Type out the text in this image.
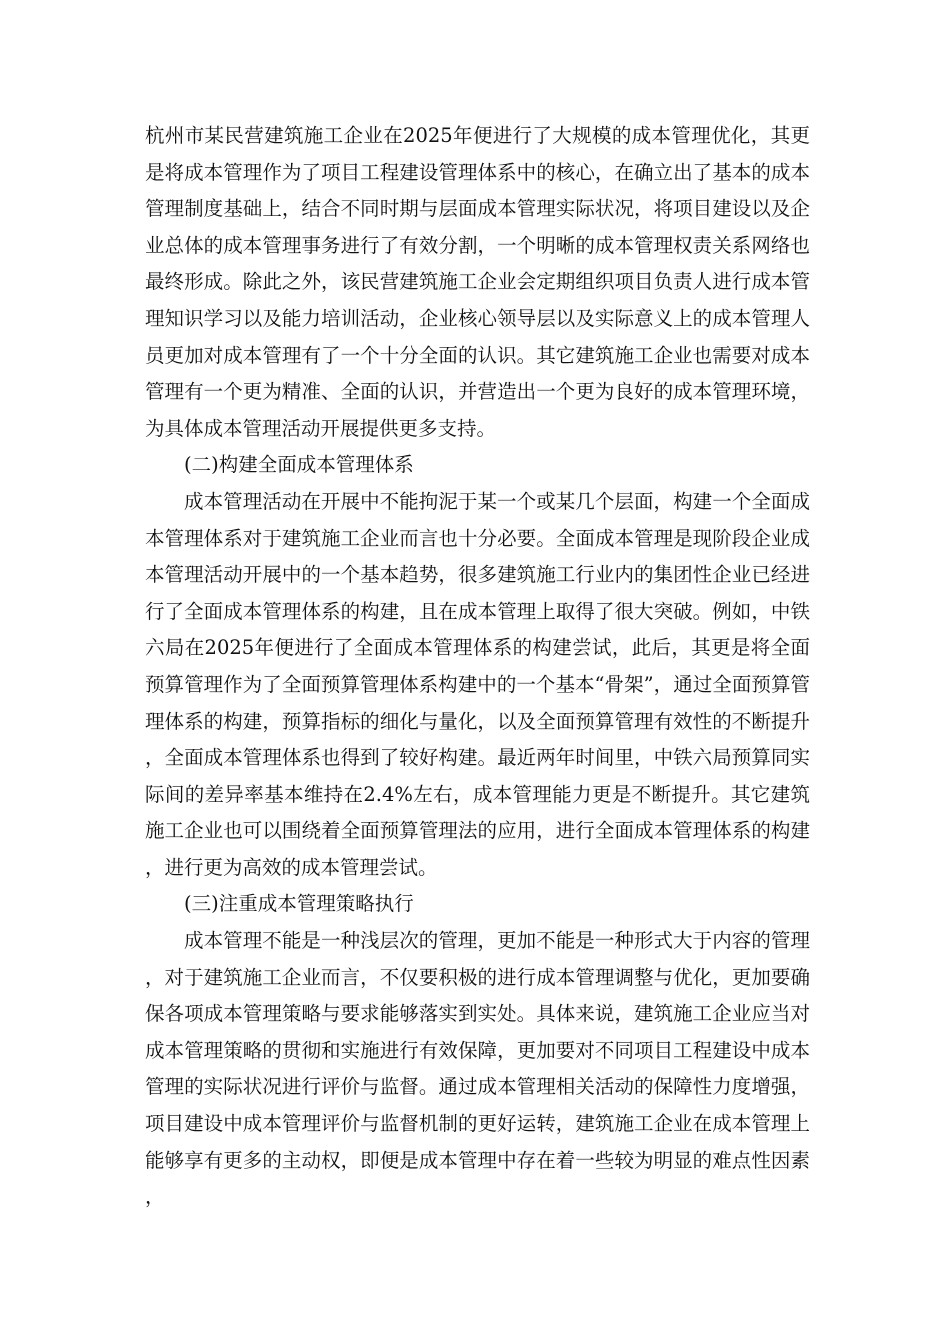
杭州市某民营建筑施工企业在2025年便进行了大规模的成本管理优化，其更是将成本管理作为了项目工程建设管理体系中的核心，在确立出了基本的成本管理制度基础上，结合不同时期与层面成本管理实际状况，将项目建设以及企业总体的成本管理事务进行了有效分割，一个明晰的成本管理权责关系网络也最终形成。除此之外，该民营建筑施工企业会定期组织项目负责人进行成本管理知识学习以及能力培训活动，企业核心领导层以及实际意义上的成本管理人员更加对成本管理有了一个十分全面的认识。其它建筑施工企业也需要对成本管理有一个更为精准、全面的认识，并营造出一个更为良好的成本管理环境，为具体成本管理活动开展提供更多支持。

(二)构建全面成本管理体系

成本管理活动在开展中不能拘泥于某一个或某几个层面，构建一个全面成本管理体系对于建筑施工企业而言也十分必要。全面成本管理是现阶段企业成本管理活动开展中的一个基本趋势，很多建筑施工行业内的集团性企业已经进行了全面成本管理体系的构建，且在成本管理上取得了很大突破。例如，中铁六局在2025年便进行了全面成本管理体系的构建尝试，此后，其更是将全面预算管理作为了全面预算管理体系构建中的一个基本“骨架”，通过全面预算管理体系的构建，预算指标的细化与量化，以及全面预算管理有效性的不断提升，全面成本管理体系也得到了较好构建。最近两年时间里，中铁六局预算同实际间的差异率基本维持在2.4%左右，成本管理能力更是不断提升。其它建筑施工企业也可以围绕着全面预算管理法的应用，进行全面成本管理体系的构建，进行更为高效的成本管理尝试。

(三)注重成本管理策略执行

成本管理不能是一种浅层次的管理，更加不能是一种形式大于内容的管理，对于建筑施工企业而言，不仅要积极的进行成本管理调整与优化，更加要确保各项成本管理策略与要求能够落实到实处。具体来说，建筑施工企业应当对成本管理策略的贯彻和实施进行有效保障，更加要对不同项目工程建设中成本管理的实际状况进行评价与监督。通过成本管理相关活动的保障性力度增强，项目建设中成本管理评价与监督机制的更好运转，建筑施工企业在成本管理上能够享有更多的主动权，即便是成本管理中存在着一些较为明显的难点性因素，
